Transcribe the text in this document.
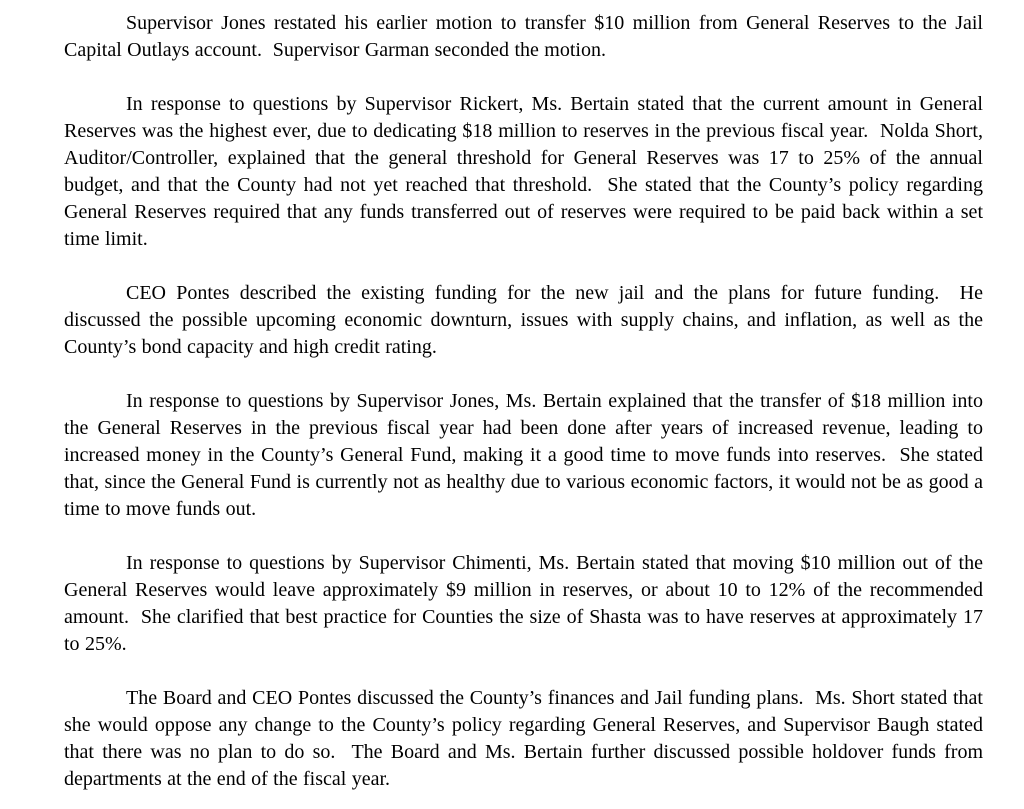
Supervisor Jones restated his earlier motion to transfer $10 million from General Reserves to the Jail Capital Outlays account.  Supervisor Garman seconded the motion.

In response to questions by Supervisor Rickert, Ms. Bertain stated that the current amount in General Reserves was the highest ever, due to dedicating $18 million to reserves in the previous fiscal year.  Nolda Short, Auditor/Controller, explained that the general threshold for General Reserves was 17 to 25% of the annual budget, and that the County had not yet reached that threshold.  She stated that the County’s policy regarding General Reserves required that any funds transferred out of reserves were required to be paid back within a set time limit.

CEO Pontes described the existing funding for the new jail and the plans for future funding.  He discussed the possible upcoming economic downturn, issues with supply chains, and inflation, as well as the County’s bond capacity and high credit rating.

In response to questions by Supervisor Jones, Ms. Bertain explained that the transfer of $18 million into the General Reserves in the previous fiscal year had been done after years of increased revenue, leading to increased money in the County’s General Fund, making it a good time to move funds into reserves.  She stated that, since the General Fund is currently not as healthy due to various economic factors, it would not be as good a time to move funds out.

In response to questions by Supervisor Chimenti, Ms. Bertain stated that moving $10 million out of the General Reserves would leave approximately $9 million in reserves, or about 10 to 12% of the recommended amount.  She clarified that best practice for Counties the size of Shasta was to have reserves at approximately 17 to 25%.

The Board and CEO Pontes discussed the County’s finances and Jail funding plans.  Ms. Short stated that she would oppose any change to the County’s policy regarding General Reserves, and Supervisor Baugh stated that there was no plan to do so.  The Board and Ms. Bertain further discussed possible holdover funds from departments at the end of the fiscal year.
